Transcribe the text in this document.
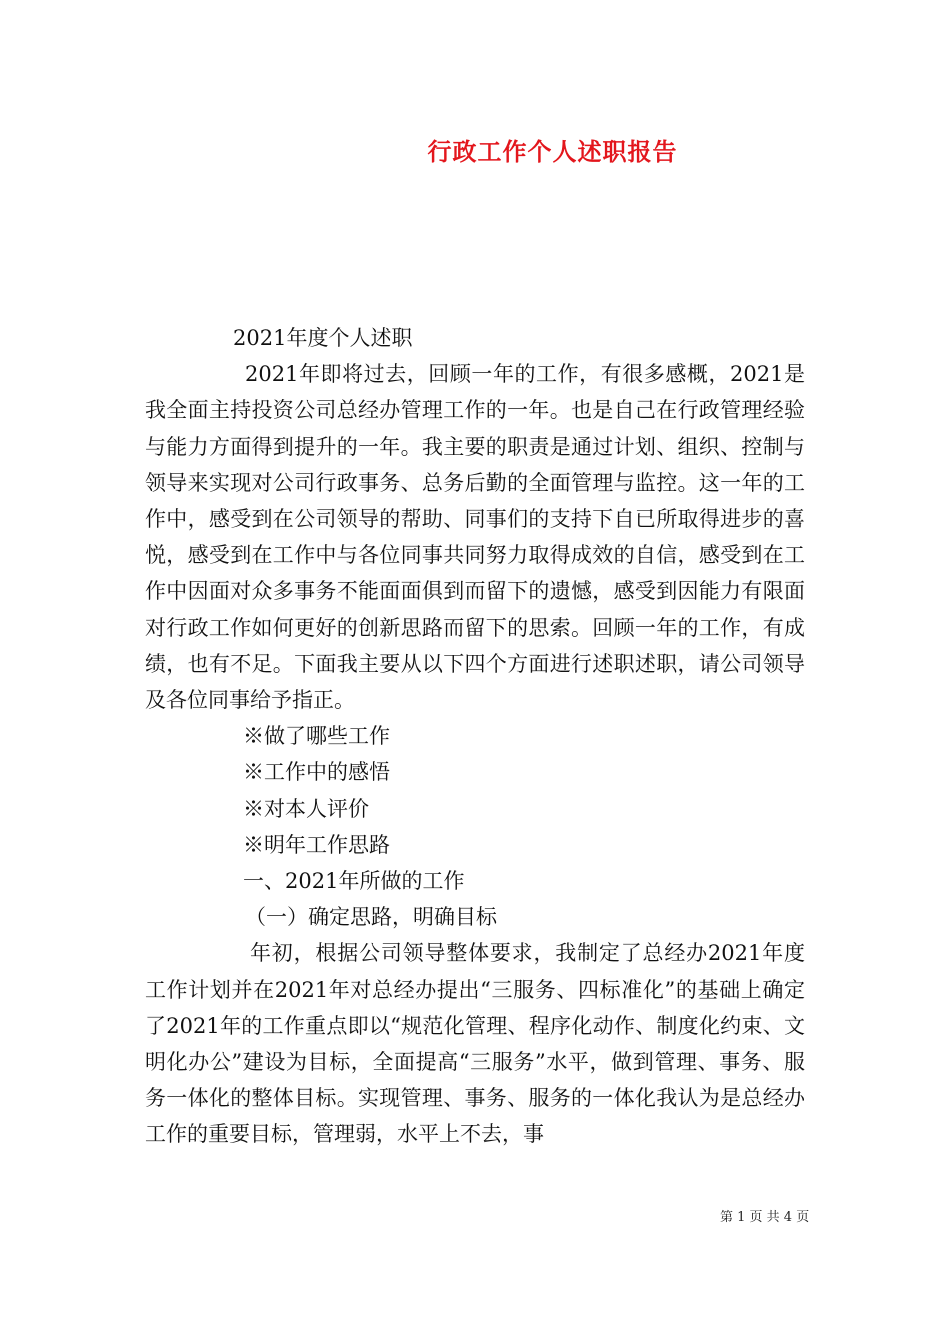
行政工作个人述职报告
2021年度个人述职

2021年即将过去，回顾一年的工作，有很多感概，2021是我全面主持投资公司总经办管理工作的一年。也是自己在行政管理经验与能力方面得到提升的一年。我主要的职责是通过计划、组织、控制与领导来实现对公司行政事务、总务后勤的全面管理与监控。这一年的工作中，感受到在公司领导的帮助、同事们的支持下自已所取得进步的喜悦，感受到在工作中与各位同事共同努力取得成效的自信，感受到在工作中因面对众多事务不能面面俱到而留下的遗憾，感受到因能力有限面对行政工作如何更好的创新思路而留下的思索。回顾一年的工作，有成绩，也有不足。下面我主要从以下四个方面进行述职述职，请公司领导及各位同事给予指正。

※做了哪些工作
※工作中的感悟
※对本人评价
※明年工作思路
一、2021年所做的工作
（一）确定思路，明确目标

年初，根据公司领导整体要求，我制定了总经办2021年度工作计划并在2021年对总经办提出“三服务、四标准化”的基础上确定了2021年的工作重点即以“规范化管理、程序化动作、制度化约束、文明化办公”建设为目标，全面提高“三服务”水平，做到管理、事务、服务一体化的整体目标。实现管理、事务、服务的一体化我认为是总经办工作的重要目标，管理弱，水平上不去，事

第 1 页 共 4 页
